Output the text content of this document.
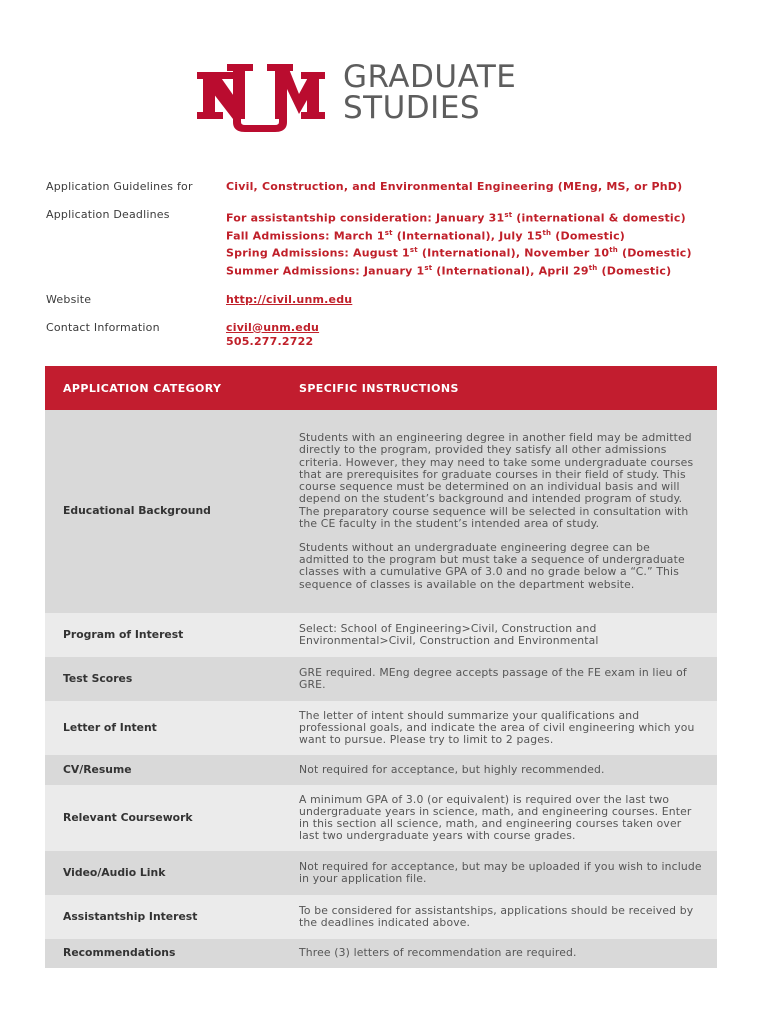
GRADUATE
STUDIES
Application Guidelines for	Civil, Construction, and Environmental Engineering (MEng, MS, or PhD)
Application Deadlines	For assistantship consideration: January 31st (international & domestic)
Fall Admissions: March 1st (International), July 15th (Domestic)
Spring Admissions: August 1st (International), November 10th (Domestic)
Summer Admissions: January 1st (International), April 29th (Domestic)
Website	http://civil.unm.edu
Contact Information	civil@unm.edu
505.277.2722
APPLICATION CATEGORY	SPECIFIC INSTRUCTIONS
Educational Background	Students with an engineering degree in another field may be admitted directly to the program, provided they satisfy all other admissions criteria. However, they may need to take some undergraduate courses that are prerequisites for graduate courses in their field of study. This course sequence must be determined on an individual basis and will depend on the student’s background and intended program of study. The preparatory course sequence will be selected in consultation with the CE faculty in the student’s intended area of study.

Students without an undergraduate engineering degree can be admitted to the program but must take a sequence of undergraduate classes with a cumulative GPA of 3.0 and no grade below a “C.” This sequence of classes is available on the department website.

Program of Interest	Select: School of Engineering>Civil, Construction and Environmental>Civil, Construction and Environmental

Test Scores	GRE required. MEng degree accepts passage of the FE exam in lieu of GRE.

Letter of Intent	The letter of intent should summarize your qualifications and professional goals, and indicate the area of civil engineering which you want to pursue. Please try to limit to 2 pages.

CV/Resume	Not required for acceptance, but highly recommended.

Relevant Coursework	A minimum GPA of 3.0 (or equivalent) is required over the last two undergraduate years in science, math, and engineering courses. Enter in this section all science, math, and engineering courses taken over last two undergraduate years with course grades.

Video/Audio Link	Not required for acceptance, but may be uploaded if you wish to include in your application file.

Assistantship Interest	To be considered for assistantships, applications should be received by the deadlines indicated above.

Recommendations	Three (3) letters of recommendation are required.
